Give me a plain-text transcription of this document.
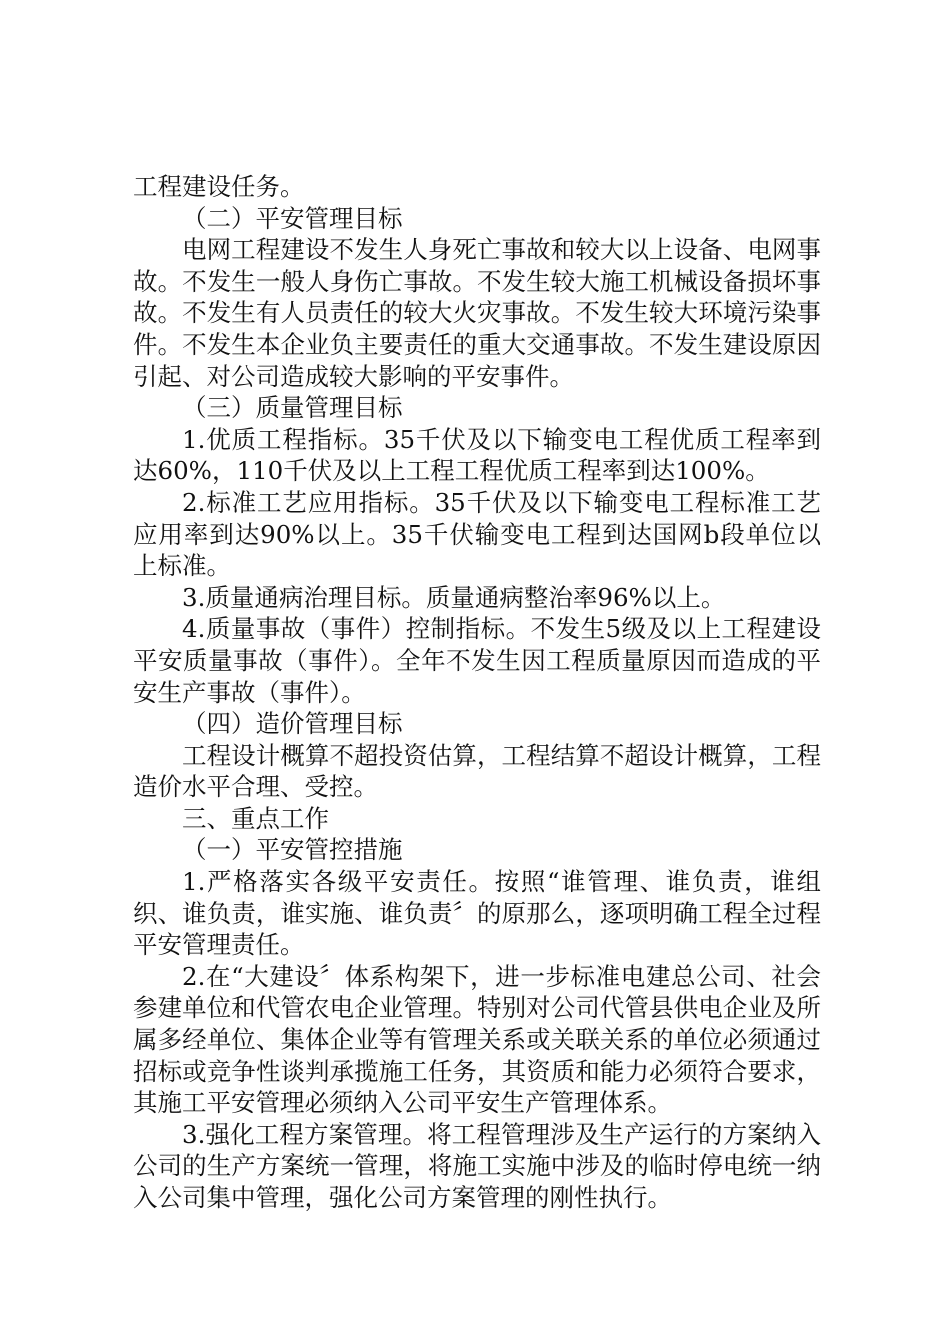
工程建设任务。

（二）平安管理目标

电网工程建设不发生人身死亡事故和较大以上设备、电网事故。不发生一般人身伤亡事故。不发生较大施工机械设备损坏事故。不发生有人员责任的较大火灾事故。不发生较大环境污染事件。不发生本企业负主要责任的重大交通事故。不发生建设原因引起、对公司造成较大影响的平安事件。

（三）质量管理目标

1.优质工程指标。35千伏及以下输变电工程优质工程率到达60%，110千伏及以上工程工程优质工程率到达100%。

2.标准工艺应用指标。35千伏及以下输变电工程标准工艺应用率到达90%以上。35千伏输变电工程到达国网b段单位以上标准。

3.质量通病治理目标。质量通病整治率96%以上。

4.质量事故（事件）控制指标。不发生5级及以上工程建设平安质量事故（事件）。全年不发生因工程质量原因而造成的平安生产事故（事件）。

（四）造价管理目标

工程设计概算不超投资估算，工程结算不超设计概算，工程造价水平合理、受控。

三、重点工作

（一）平安管控措施

1.严格落实各级平安责任。按照“谁管理、谁负责，谁组织、谁负责，谁实施、谁负责〞的原那么，逐项明确工程全过程平安管理责任。

2.在“大建设〞体系构架下，进一步标准电建总公司、社会参建单位和代管农电企业管理。特别对公司代管县供电企业及所属多经单位、集体企业等有管理关系或关联关系的单位必须通过招标或竞争性谈判承揽施工任务，其资质和能力必须符合要求，其施工平安管理必须纳入公司平安生产管理体系。

3.强化工程方案管理。将工程管理涉及生产运行的方案纳入公司的生产方案统一管理，将施工实施中涉及的临时停电统一纳入公司集中管理，强化公司方案管理的刚性执行。
